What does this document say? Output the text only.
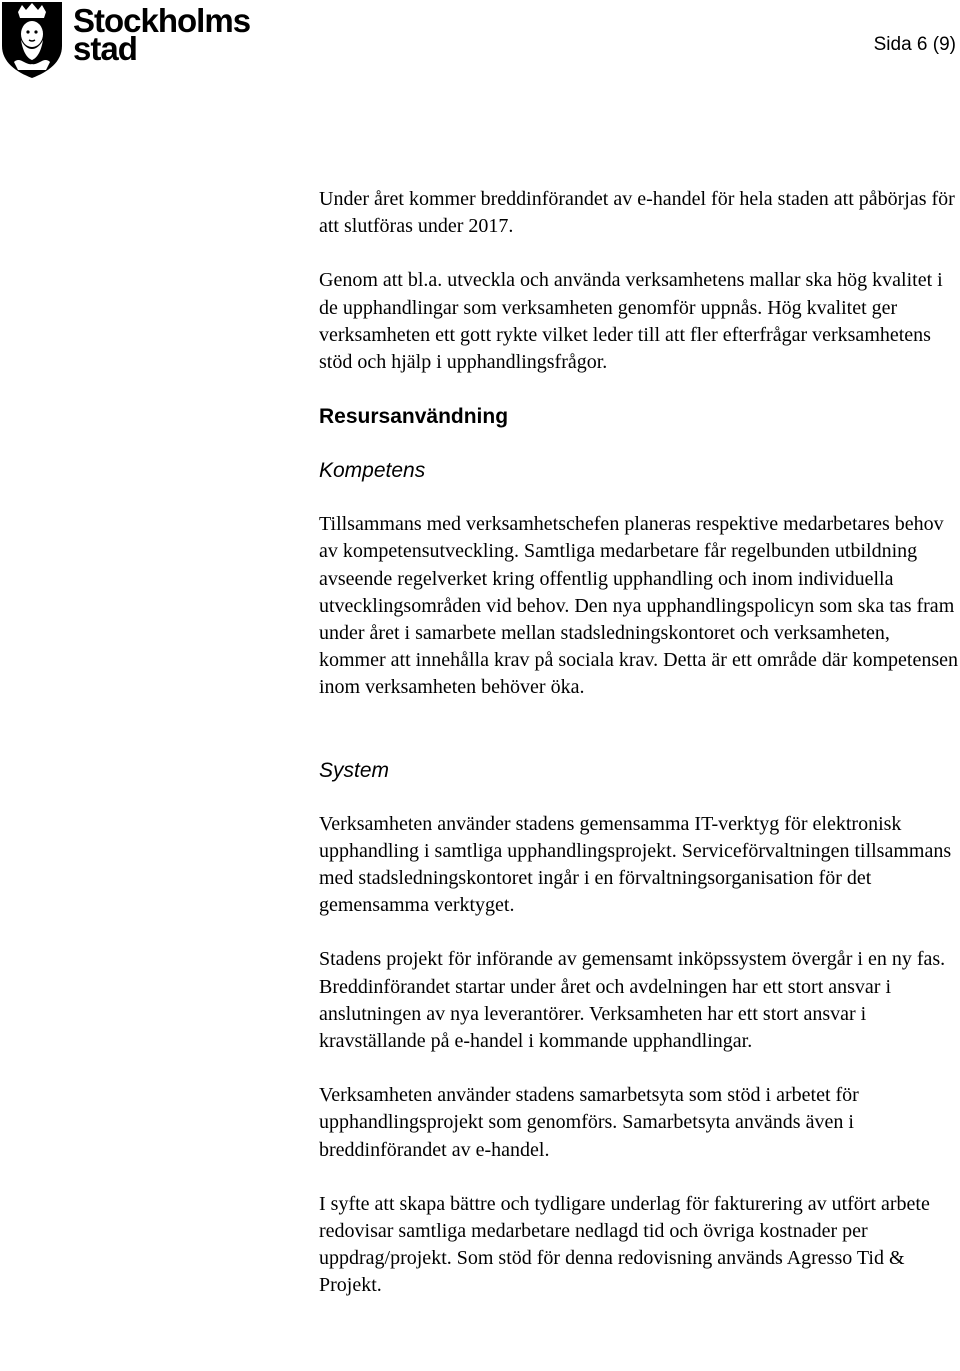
Stockholms
stad	Sida 6 (9)

Under året kommer breddinförandet av e-handel för hela staden att påbörjas för att slutföras under 2017.

Genom att bl.a. utveckla och använda verksamhetens mallar ska hög kvalitet i de upphandlingar som verksamheten genomför uppnås. Hög kvalitet ger verksamheten ett gott rykte vilket leder till att fler efterfrågar verksamhetens stöd och hjälp i upphandlingsfrågor.

Resursanvändning
Kompetens

Tillsammans med verksamhetschefen planeras respektive medarbetares behov av kompetensutveckling. Samtliga medarbetare får regelbunden utbildning avseende regelverket kring offentlig upphandling och inom individuella utvecklingsområden vid behov. Den nya upphandlingspolicyn som ska tas fram under året i samarbete mellan stadsledningskontoret och verksamheten, kommer att innehålla krav på sociala krav. Detta är ett område där kompetensen inom verksamheten behöver öka.

System

Verksamheten använder stadens gemensamma IT-verktyg för elektronisk upphandling i samtliga upphandlingsprojekt. Serviceförvaltningen tillsammans med stadsledningskontoret ingår i en förvaltningsorganisation för det gemensamma verktyget.

Stadens projekt för införande av gemensamt inköpssystem övergår i en ny fas. Breddinförandet startar under året och avdelningen har ett stort ansvar i anslutningen av nya leverantörer. Verksamheten har ett stort ansvar i kravställande på e-handel i kommande upphandlingar.

Verksamheten använder stadens samarbetsyta som stöd i arbetet för upphandlingsprojekt som genomförs. Samarbetsyta används även i breddinförandet av e-handel.

I syfte att skapa bättre och tydligare underlag för fakturering av utfört arbete redovisar samtliga medarbetare nedlagd tid och övriga kostnader per uppdrag/projekt. Som stöd för denna redovisning används Agresso Tid & Projekt.
